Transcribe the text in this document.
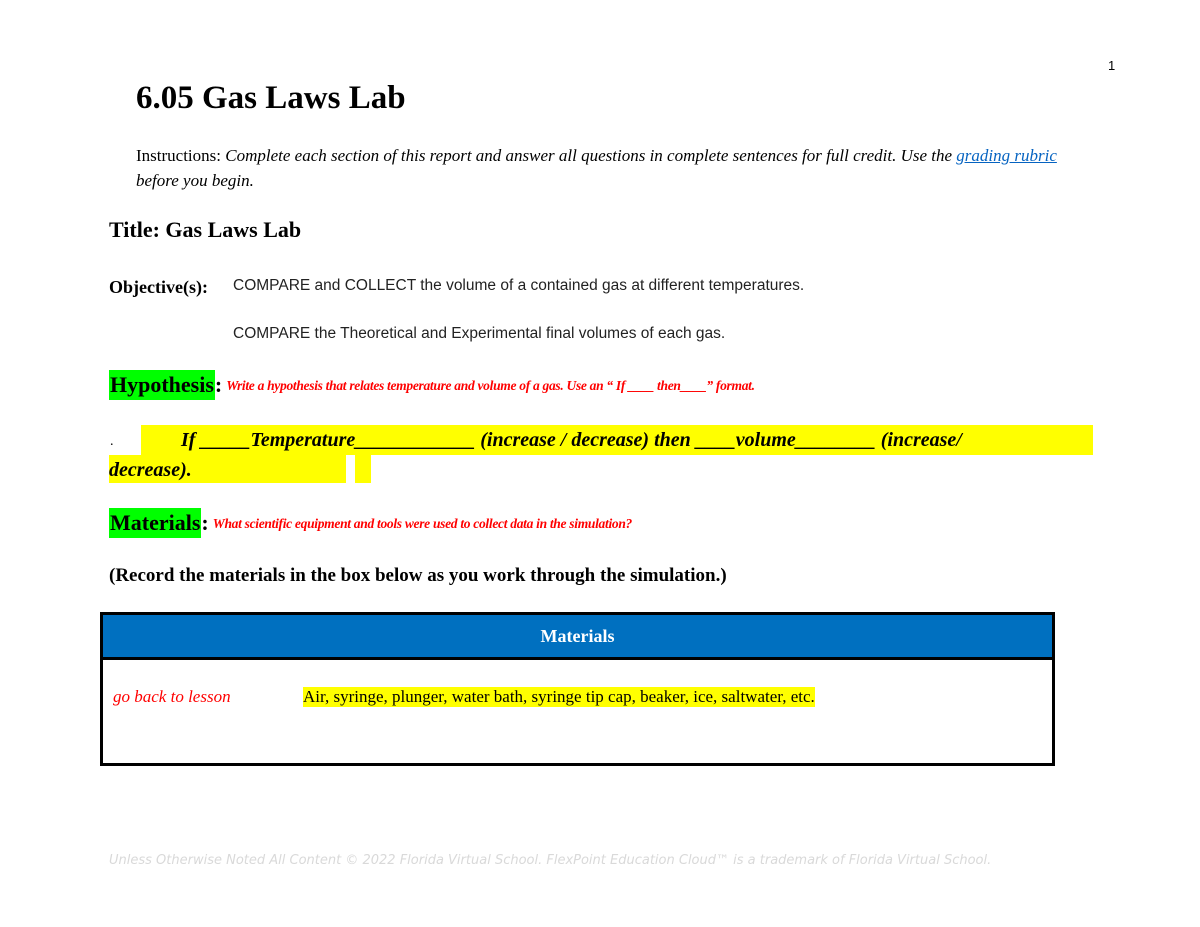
1
6.05 Gas Laws Lab
Instructions: Complete each section of this report and answer all questions in complete sentences for full credit. Use the grading rubric before you begin.
Title: Gas Laws Lab
Objective(s): COMPARE and COLLECT the volume of a contained gas at different temperatures.
COMPARE the Theoretical and Experimental final volumes of each gas.
Hypothesis: Write a hypothesis that relates temperature and volume of a gas. Use an “ If ____ then____” format.
.	If _____Temperature____________ (increase / decrease) then ____volume________ (increase/
decrease).
Materials: What scientific equipment and tools were used to collect data in the simulation?
(Record the materials in the box below as you work through the simulation.)
Materials
go back to lesson	Air, syringe, plunger, water bath, syringe tip cap, beaker, ice, saltwater, etc.
Unless Otherwise Noted All Content © 2022 Florida Virtual School. FlexPoint Education Cloud™ is a trademark of Florida Virtual School.
